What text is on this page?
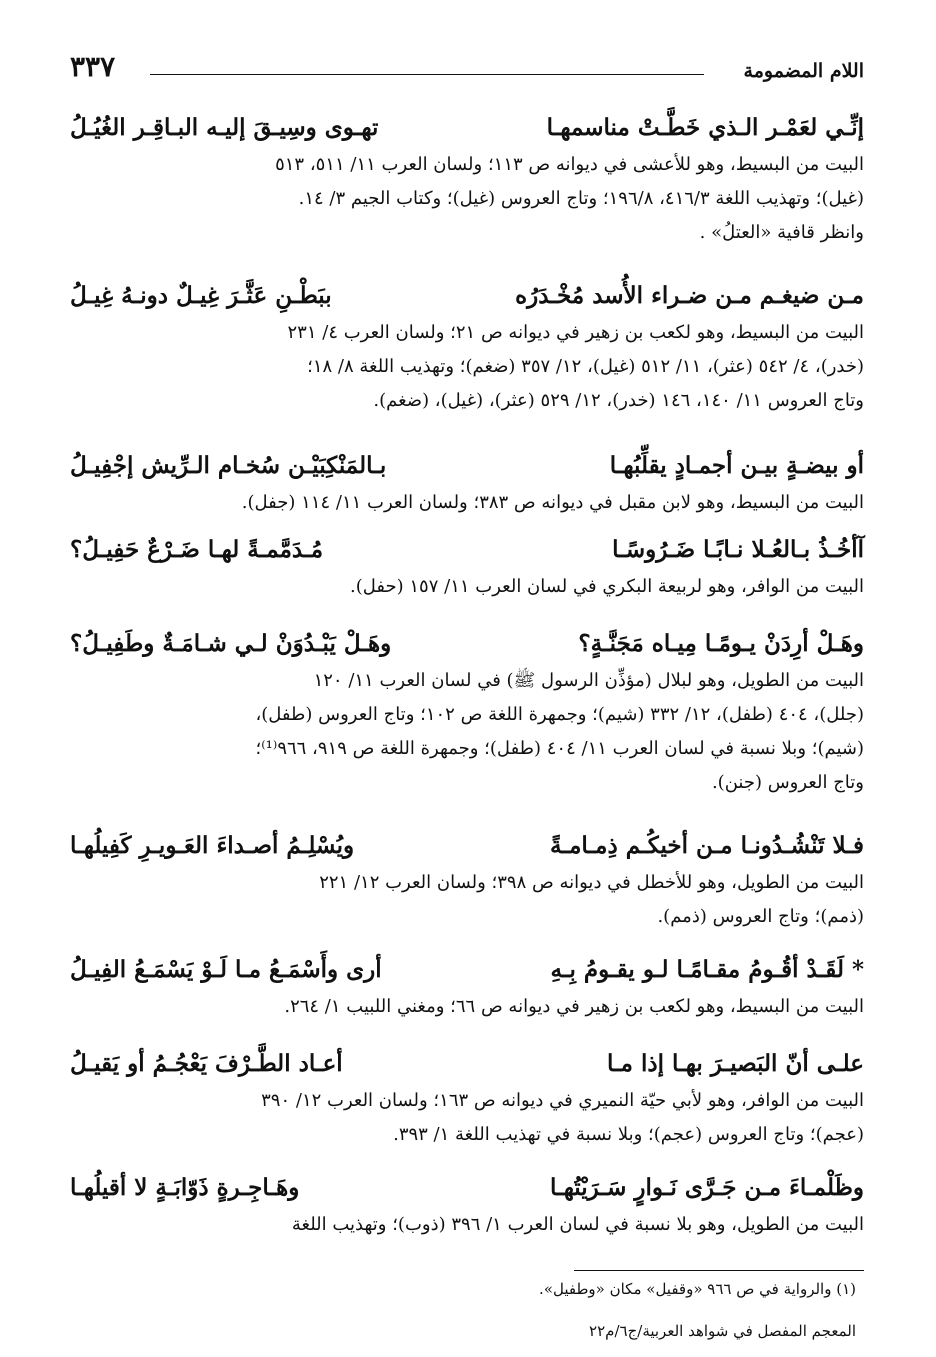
اللام المضمومة
٣٣٧
إنِّـي لعَمْـر الـذي خَطَّـتْ مناسمهـا
تهـوى وسِيـقَ إليـه البـاقِـر الغُيُـلُ

البيت من البسيط، وهو للأعشى في ديوانه ص ١١٣؛ ولسان العرب ١١/ ٥١١، ٥١٣

(غيل)؛ وتهذيب اللغة ٤١٦/٣، ١٩٦/٨؛ وتاج العروس (غيل)؛ وكتاب الجيم ٣/ ١٤.

وانظر قافية «العتلُ» .

مـن ضيغـم مـن ضـراء الأُسد مُخْـدَرُه
ببَطْـنِ عَثَّـرَ غِيـلٌ دونـهُ غِيـلُ

البيت من البسيط، وهو لكعب بن زهير في ديوانه ص ٢١؛ ولسان العرب ٤/ ٢٣١

(خدر)، ٤/ ٥٤٢ (عثر)، ١١/ ٥١٢ (غيل)، ١٢/ ٣٥٧ (ضغم)؛ وتهذيب اللغة ٨/ ١٨؛

وتاج العروس ١١/ ١٤٠، ١٤٦ (خدر)، ١٢/ ٥٢٩ (عثر)، (غيل)، (ضغم).

أو بيضـةٍ بيـن أجمـادٍ يقلِّبُهـا
بـالمَنْكِبَيْـن سُخـام الـرِّيش إجْفِيـلُ

البيت من البسيط، وهو لابن مقبل في ديوانه ص ٣٨٣؛ ولسان العرب ١١/ ١١٤ (جفل).

آأخُـذُ بـالعُـلا نـابًـا ضَـرُوسًـا
مُـدَمَّمـةً لهـا ضَـرْعٌ حَفِيـلُ؟

البيت من الوافر، وهو لربيعة البكري في لسان العرب ١١/ ١٥٧ (حفل).

وهَـلْ أرِدَنْ يـومًـا مِيـاه مَجَنَّـةٍ؟
وهَـلْ يَبْـدُوَنْ لـي شـامَـةٌ وطَفِيـلُ؟

البيت من الطويل، وهو لبلال (مؤذِّن الرسول ﷺ) في لسان العرب ١١/ ١٢٠

(جلل)، ٤٠٤ (طفل)، ١٢/ ٣٣٢ (شيم)؛ وجمهرة اللغة ص ١٠٢؛ وتاج العروس (طفل)،

(شيم)؛ وبلا نسبة في لسان العرب ١١/ ٤٠٤ (طفل)؛ وجمهرة اللغة ص ٩١٩، ٩٦٦⁽¹⁾؛

وتاج العروس (جنن).

فـلا تَنْشُـدُونـا مـن أخيكُـم ذِمـامـةً
ويُسْلِـمُ أصـداءَ العَـويـرِ كَفِيلُهـا

البيت من الطويل، وهو للأخطل في ديوانه ص ٣٩٨؛ ولسان العرب ١٢/ ٢٢١

(ذمم)؛ وتاج العروس (ذمم).

* لَقَـدْ أقُـومُ مقـامًـا لـو يقـومُ بِـهِ
أرى وأَسْمَـعُ مـا لَـوْ يَسْمَـعُ الفِيـلُ

البيت من البسيط، وهو لكعب بن زهير في ديوانه ص ٦٦؛ ومغني اللبيب ١/ ٢٦٤.

علـى أنّ البَصيـرَ بهـا إذا مـا
أعـاد الطَّـرْفَ يَعْجُـمُ أو يَقيـلُ

البيت من الوافر، وهو لأبي حيّة النميري في ديوانه ص ١٦٣؛ ولسان العرب ١٢/ ٣٩٠

(عجم)؛ وتاج العروس (عجم)؛ وبلا نسبة في تهذيب اللغة ١/ ٣٩٣.

وظَلْمـاءَ مـن جَـرَّى نَـوارٍ سَـرَيْتُهـا
وهَـاجِـرةٍ ذَوّابَـةٍ لا أقيلُهـا

البيت من الطويل، وهو بلا نسبة في لسان العرب ١/ ٣٩٦ (ذوب)؛ وتهذيب اللغة

(١) والرواية في ص ٩٦٦ «وقفيل» مكان «وطفيل».
المعجم المفصل في شواهد العربية/ج٦/م٢٢
